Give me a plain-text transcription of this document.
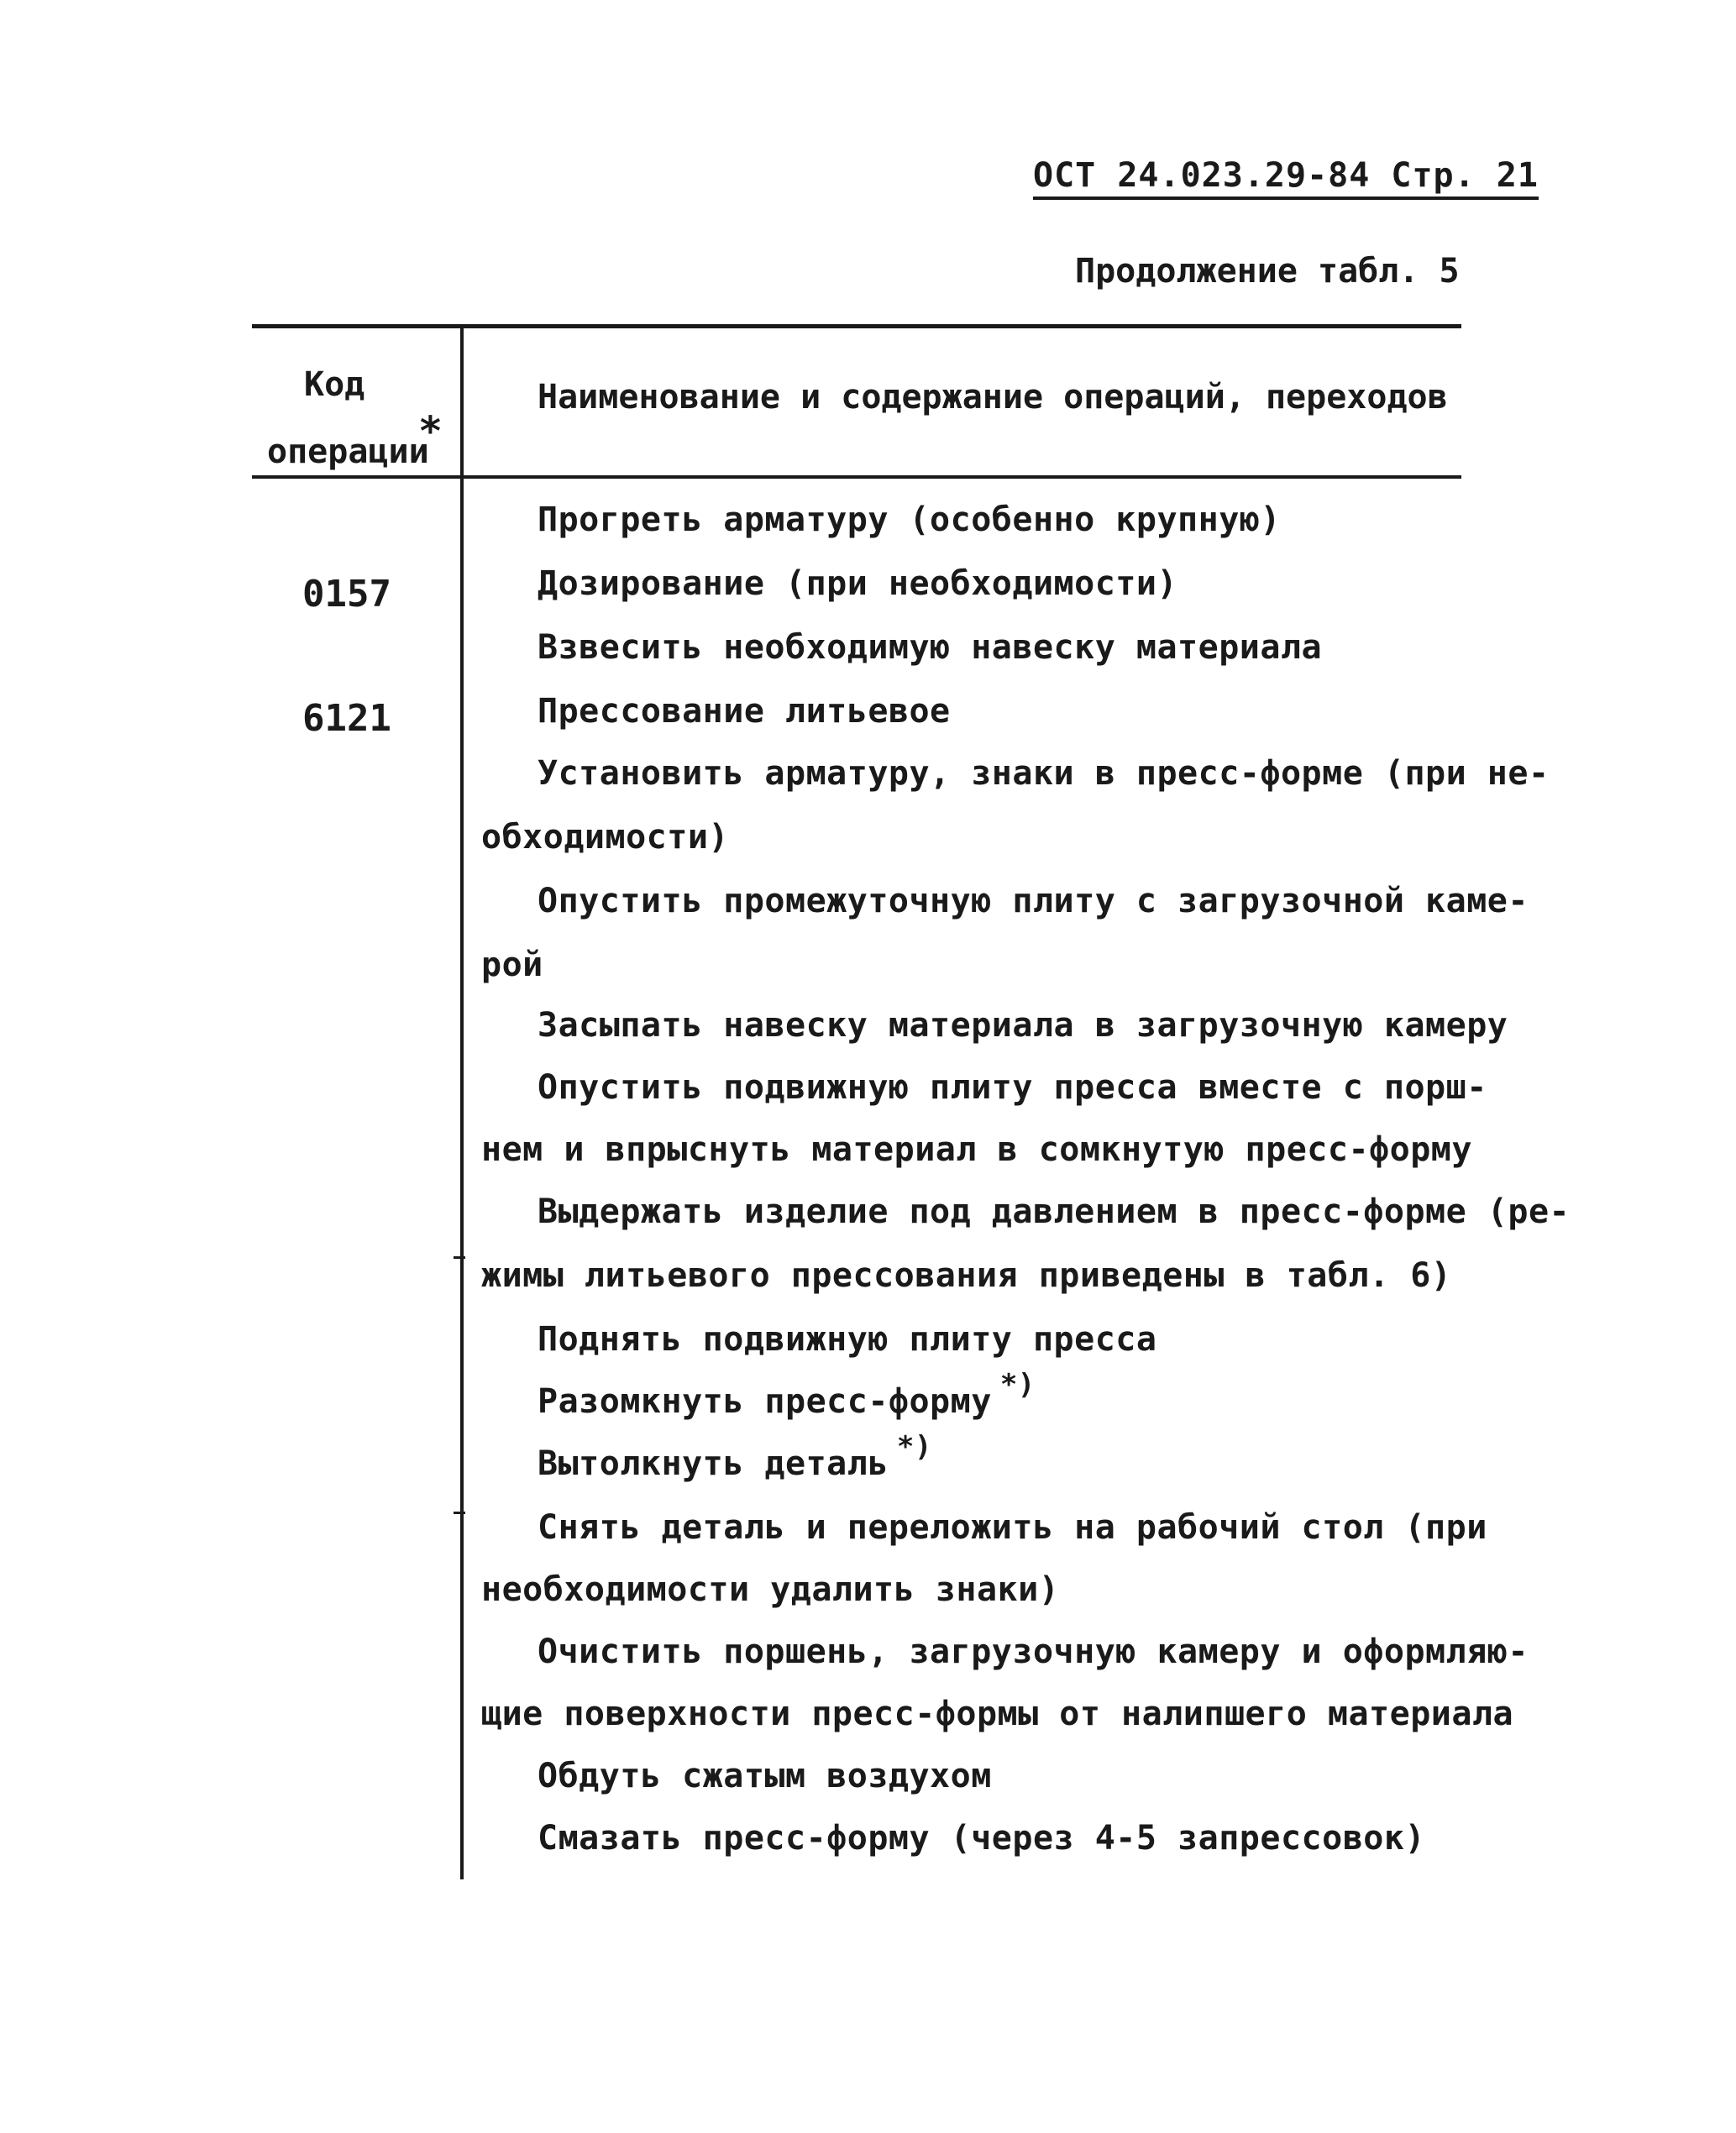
ОСТ 24.023.29-84 Стр. 21
Продолжение табл. 5
Код
операции
*
Наименование и содержание операций, переходов
0157
6121
Прогреть арматуру (особенно крупную)
Дозирование (при необходимости)
Взвесить необходимую навеску материала
Прессование литьевое
Установить арматуру, знаки в пресс-форме (при не-
обходимости)
Опустить промежуточную плиту с загрузочной каме-
рой
Засыпать навеску материала в загрузочную камеру
Опустить подвижную плиту пресса вместе с порш-
нем и впрыснуть материал в сомкнутую пресс-форму
Выдержать изделие под давлением в пресс-форме (ре-
жимы литьевого прессования приведены в табл. 6)
Поднять подвижную плиту пресса
Разомкнуть пресс-форму *)
Вытолкнуть деталь *)
Снять деталь и переложить на рабочий стол (при
необходимости удалить знаки)
Очистить поршень, загрузочную камеру и оформляю-
щие поверхности пресс-формы от налипшего материала
Обдуть сжатым воздухом
Смазать пресс-форму (через 4-5 запрессовок)
